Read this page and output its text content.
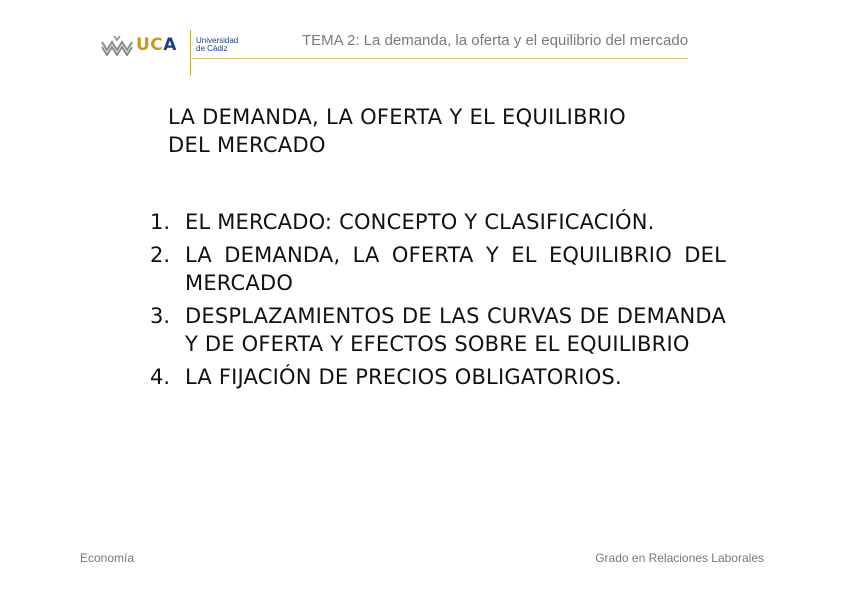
UCA Universidad
de Cádiz	TEMA 2: La demanda, la oferta y el equilibrio del mercado
LA DEMANDA, LA OFERTA Y EL EQUILIBRIO
DEL MERCADO
1. EL MERCADO: CONCEPTO Y CLASIFICACIÓN.
2. LA DEMANDA, LA OFERTA Y EL EQUILIBRIO DEL MERCADO
3. DESPLAZAMIENTOS DE LAS CURVAS DE DEMANDA Y DE OFERTA Y EFECTOS SOBRE EL EQUILIBRIO
4. LA FIJACIÓN DE PRECIOS OBLIGATORIOS.
Economía	Grado en Relaciones Laborales
